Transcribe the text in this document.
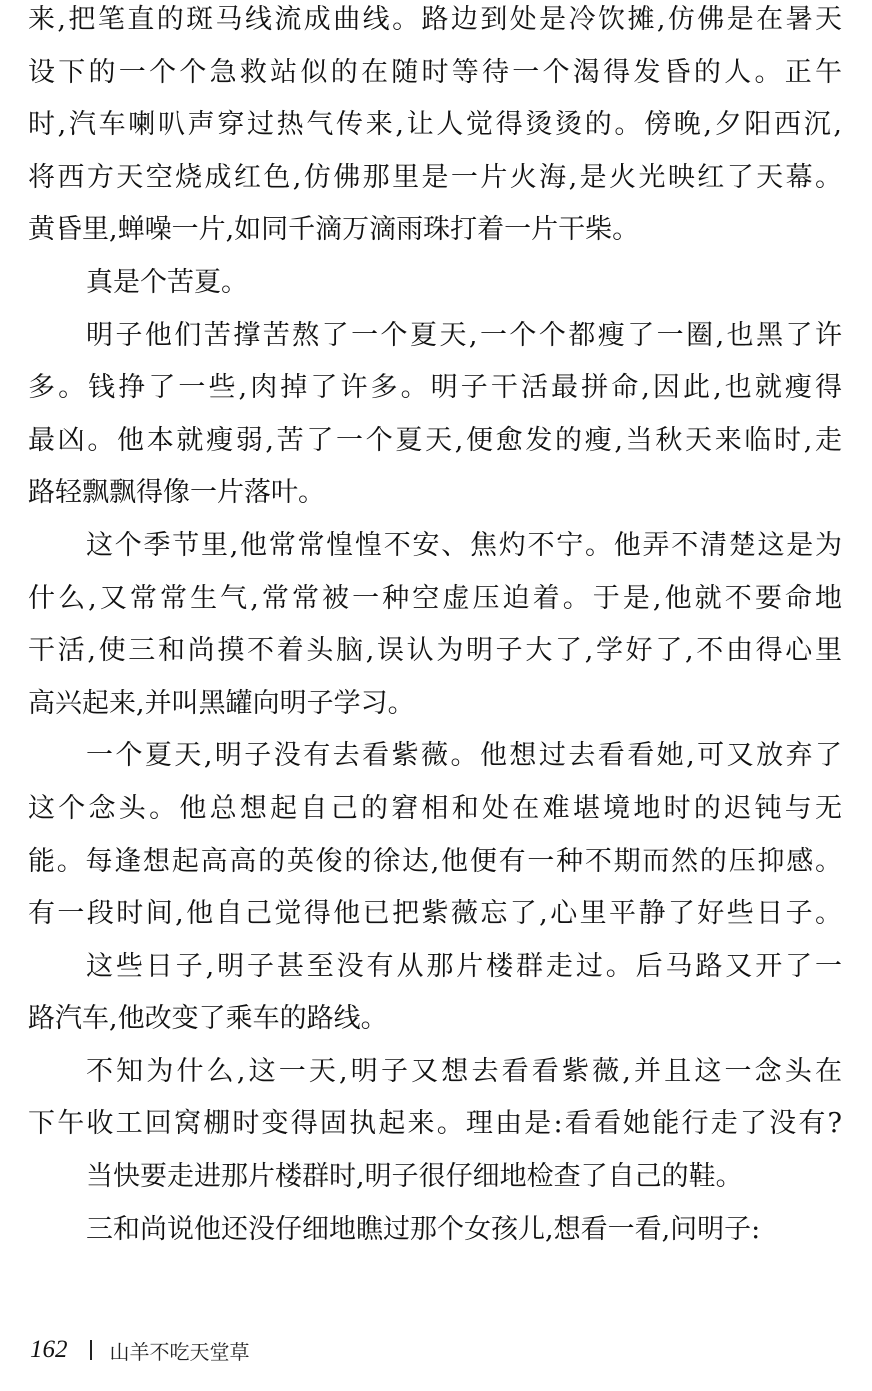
来,把笔直的斑马线流成曲线。路边到处是冷饮摊,仿佛是在暑天
设下的一个个急救站似的在随时等待一个渴得发昏的人。正午
时,汽车喇叭声穿过热气传来,让人觉得烫烫的。傍晚,夕阳西沉,
将西方天空烧成红色,仿佛那里是一片火海,是火光映红了天幕。
黄昏里,蝉噪一片,如同千滴万滴雨珠打着一片干柴。
真是个苦夏。
明子他们苦撑苦熬了一个夏天,一个个都瘦了一圈,也黑了许
多。钱挣了一些,肉掉了许多。明子干活最拼命,因此,也就瘦得
最凶。他本就瘦弱,苦了一个夏天,便愈发的瘦,当秋天来临时,走
路轻飘飘得像一片落叶。
这个季节里,他常常惶惶不安、焦灼不宁。他弄不清楚这是为
什么,又常常生气,常常被一种空虚压迫着。于是,他就不要命地
干活,使三和尚摸不着头脑,误认为明子大了,学好了,不由得心里
高兴起来,并叫黑罐向明子学习。
一个夏天,明子没有去看紫薇。他想过去看看她,可又放弃了
这个念头。他总想起自己的窘相和处在难堪境地时的迟钝与无
能。每逢想起高高的英俊的徐达,他便有一种不期而然的压抑感。
有一段时间,他自己觉得他已把紫薇忘了,心里平静了好些日子。
这些日子,明子甚至没有从那片楼群走过。后马路又开了一
路汽车,他改变了乘车的路线。
不知为什么,这一天,明子又想去看看紫薇,并且这一念头在
下午收工回窝棚时变得固执起来。理由是:看看她能行走了没有?
当快要走进那片楼群时,明子很仔细地检查了自己的鞋。
三和尚说他还没仔细地瞧过那个女孩儿,想看一看,问明子:
162 山羊不吃天堂草
